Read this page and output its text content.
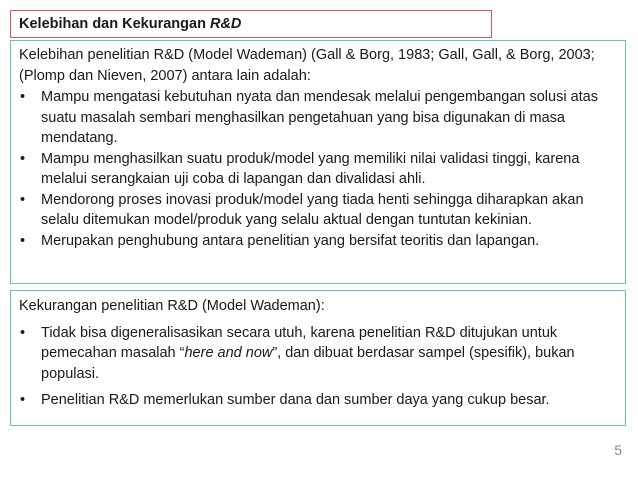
Kelebihan dan Kekurangan R&D

Kelebihan penelitian R&D (Model Wademan) (Gall & Borg, 1983; Gall, Gall, & Borg, 2003; (Plomp dan Nieven, 2007) antara lain adalah:

• Mampu mengatasi kebutuhan nyata dan mendesak melalui pengembangan solusi atas suatu masalah sembari menghasilkan pengetahuan yang bisa digunakan di masa mendatang.
• Mampu menghasilkan suatu produk/model yang memiliki nilai validasi tinggi, karena melalui serangkaian uji coba di lapangan dan divalidasi ahli.
• Mendorong proses inovasi produk/model yang tiada henti sehingga diharapkan akan selalu ditemukan model/produk yang selalu aktual dengan tuntutan kekinian.
• Merupakan penghubung antara penelitian yang bersifat teoritis dan lapangan.

Kekurangan penelitian R&D (Model Wademan):

• Tidak bisa digeneralisasikan secara utuh, karena penelitian R&D ditujukan untuk pemecahan masalah “here and now”, dan dibuat berdasar sampel (spesifik), bukan populasi.
• Penelitian R&D memerlukan sumber dana dan sumber daya yang cukup besar.
5
